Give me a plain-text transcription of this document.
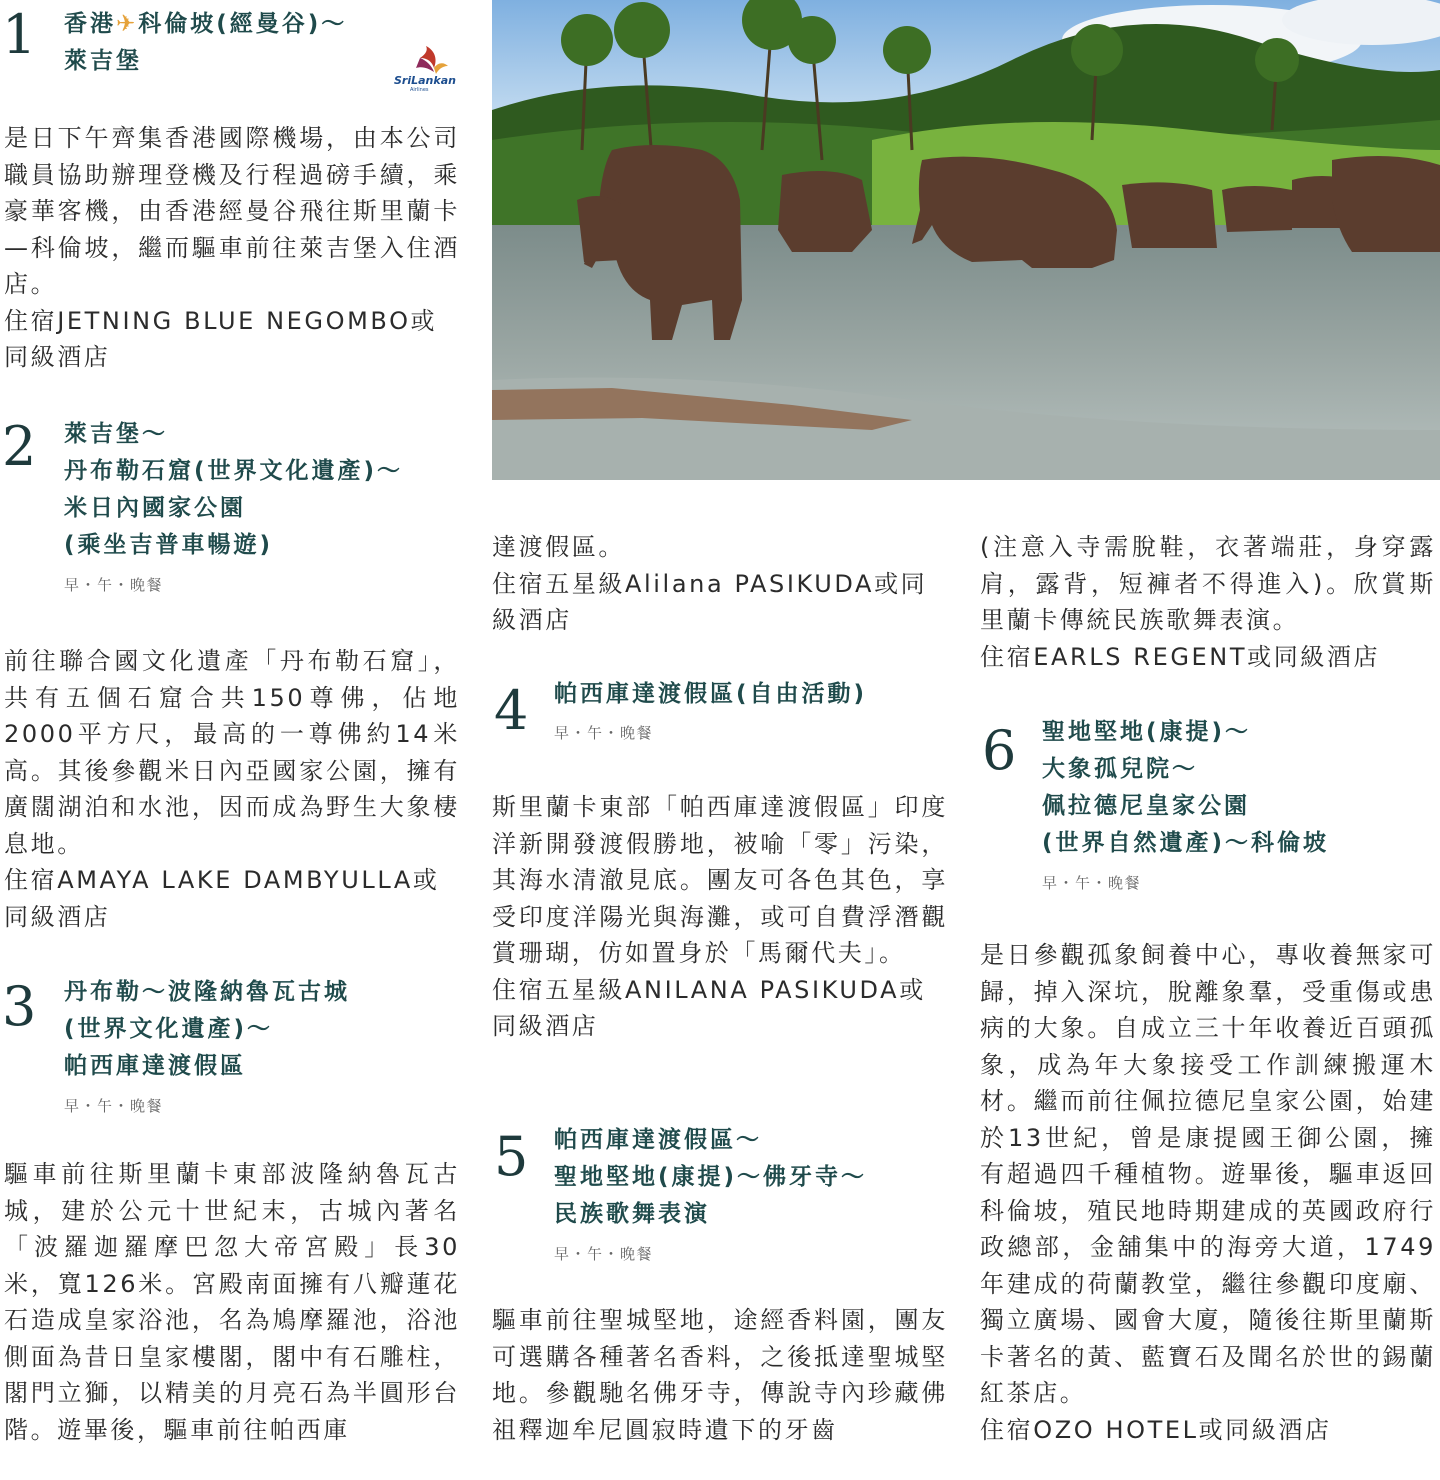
1 香港✈科倫坡(經曼谷)～
萊吉堡
SriLankan
Airlines

是日下午齊集香港國際機場，由本公司職員協助辦理登機及行程過磅手續，乘豪華客機，由香港經曼谷飛往斯里蘭卡—科倫坡，繼而驅車前往萊吉堡入住酒店。

住宿JETNING BLUE NEGOMBO或同級酒店

2 萊吉堡～
丹布勒石窟(世界文化遺產)～
米日內國家公園
(乘坐吉普車暢遊)
早・午・晚餐

前往聯合國文化遺產「丹布勒石窟」，共有五個石窟合共150尊佛，佔地2000平方尺，最高的一尊佛約14米高。其後參觀米日內亞國家公園，擁有廣闊湖泊和水池，因而成為野生大象棲息地。

住宿AMAYA LAKE DAMBYULLA或同級酒店

3 丹布勒～波隆納魯瓦古城
(世界文化遺產)～
帕西庫達渡假區
早・午・晚餐

驅車前往斯里蘭卡東部波隆納魯瓦古城，建於公元十世紀末，古城內著名「波羅迦羅摩巴忽大帝宮殿」長30米，寬126米。宮殿南面擁有八瓣蓮花石造成皇家浴池，名為鳩摩羅池，浴池側面為昔日皇家樓閣，閣中有石雕柱，閣門立獅，以精美的月亮石為半圓形台階。遊畢後，驅車前往帕西庫

達渡假區。

住宿五星級Alilana PASIKUDA或同級酒店

4 帕西庫達渡假區(自由活動)
早・午・晚餐

斯里蘭卡東部「帕西庫達渡假區」印度洋新開發渡假勝地，被喻「零」污染，其海水清澈見底。團友可各色其色，享受印度洋陽光與海灘，或可自費浮潛觀賞珊瑚，仿如置身於「馬爾代夫」。

住宿五星級ANILANA PASIKUDA或同級酒店

5 帕西庫達渡假區～
聖地堅地(康提)～佛牙寺～
民族歌舞表演
早・午・晚餐

驅車前往聖城堅地，途經香料園，團友可選購各種著名香料，之後抵達聖城堅地。參觀馳名佛牙寺，傳說寺內珍藏佛祖釋迦牟尼圓寂時遺下的牙齒

(注意入寺需脫鞋，衣著端莊，身穿露肩，露背，短褲者不得進入)。欣賞斯里蘭卡傳統民族歌舞表演。

住宿EARLS REGENT或同級酒店

6 聖地堅地(康提)～
大象孤兒院～
佩拉德尼皇家公園
(世界自然遺產)～科倫坡
早・午・晚餐

是日參觀孤象飼養中心，專收養無家可歸，掉入深坑，脫離象羣，受重傷或患病的大象。自成立三十年收養近百頭孤象，成為年大象接受工作訓練搬運木材。繼而前往佩拉德尼皇家公園，始建於13世紀，曾是康提國王御公園，擁有超過四千種植物。遊畢後，驅車返回科倫坡，殖民地時期建成的英國政府行政總部，金舖集中的海旁大道，1749年建成的荷蘭教堂，繼往參觀印度廟、獨立廣場、國會大廈，隨後往斯里蘭斯卡著名的黃、藍寶石及聞名於世的錫蘭紅茶店。

住宿OZO HOTEL或同級酒店
